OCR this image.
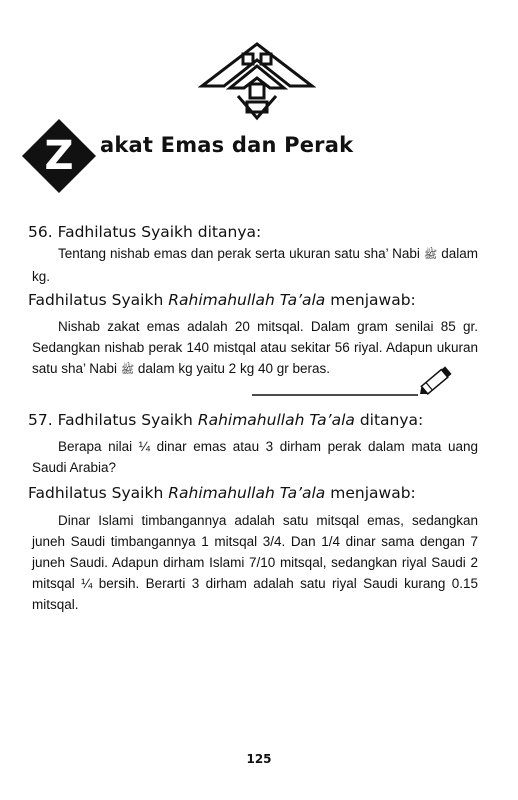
Z akat Emas dan Perak
56. Fadhilatus Syaikh ditanya:

Tentang nishab emas dan perak serta ukuran satu sha’ Nabi ﷺ dalam kg.

Fadhilatus Syaikh Rahimahullah Ta’ala menjawab:

Nishab zakat emas adalah 20 mitsqal. Dalam gram senilai 85 gr. Sedangkan nishab perak 140 mistqal atau sekitar 56 riyal. Adapun ukuran satu sha’ Nabi ﷺ dalam kg yaitu 2 kg 40 gr beras.

57. Fadhilatus Syaikh Rahimahullah Ta’ala ditanya:

Berapa nilai ¼ dinar emas atau 3 dirham perak dalam mata uang Saudi Arabia?

Fadhilatus Syaikh Rahimahullah Ta’ala menjawab:

Dinar Islami timbangannya adalah satu mitsqal emas, sedangkan juneh Saudi timbangannya 1 mitsqal 3/4. Dan 1/4 dinar sama dengan 7 juneh Saudi. Adapun dirham Islami 7/10 mitsqal, sedangkan riyal Saudi 2 mitsqal ¼ bersih. Berarti 3 dirham adalah satu riyal Saudi kurang 0.15 mitsqal.

125
